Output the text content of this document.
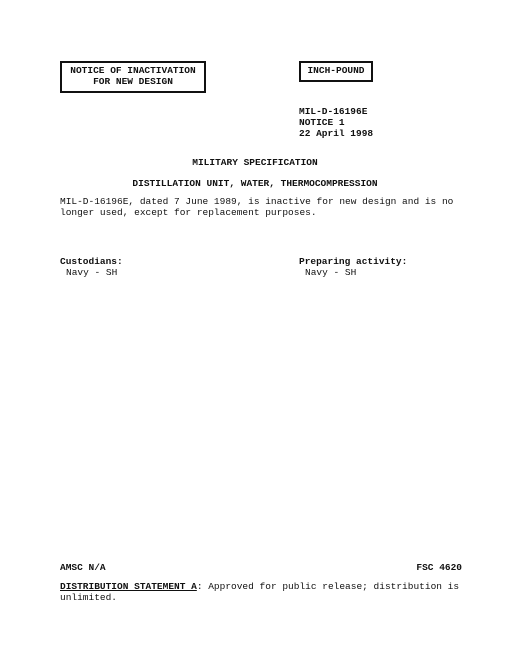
NOTICE OF INACTIVATION
FOR NEW DESIGN
INCH-POUND
MIL-D-16196E
NOTICE 1
22 April 1998
MILITARY SPECIFICATION
DISTILLATION UNIT, WATER, THERMOCOMPRESSION
MIL-D-16196E, dated 7 June 1989, is inactive for new design and is no longer used, except for replacement purposes.
Custodians:
Navy - SH
Preparing activity:
Navy - SH
AMSC N/A	FSC 4620
DISTRIBUTION STATEMENT A: Approved for public release; distribution is unlimited.
